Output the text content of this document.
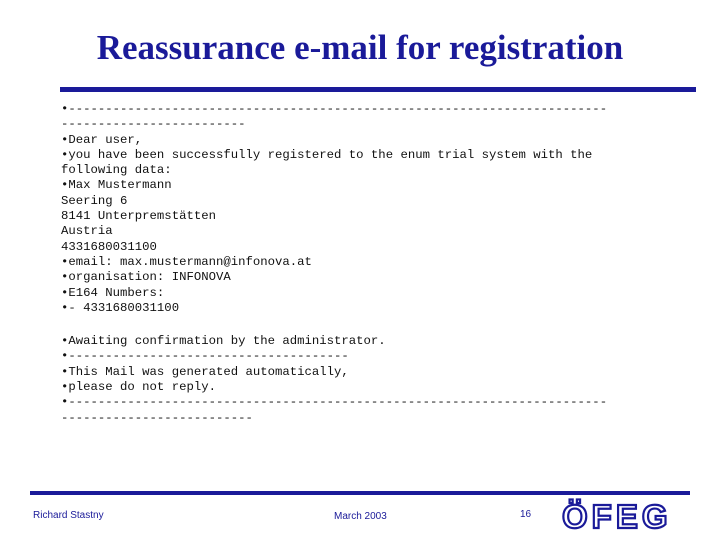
Reassurance e-mail for registration
•-------------------------------------------------------------------------
-------------------------
•Dear user,
•you have been successfully registered to the enum trial system with the
following data:
•Max Mustermann
Seering 6
8141 Unterpremstätten
Austria
4331680031100
•email: max.mustermann@infonova.at
•organisation: INFONOVA
•E164 Numbers:
•- 4331680031100
•Awaiting confirmation by the administrator.
•--------------------------------------
•This Mail was generated automatically,
•please do not reply.
•-------------------------------------------------------------------------
--------------------------
Richard Stastny	March 2003	16 ÖFEG
